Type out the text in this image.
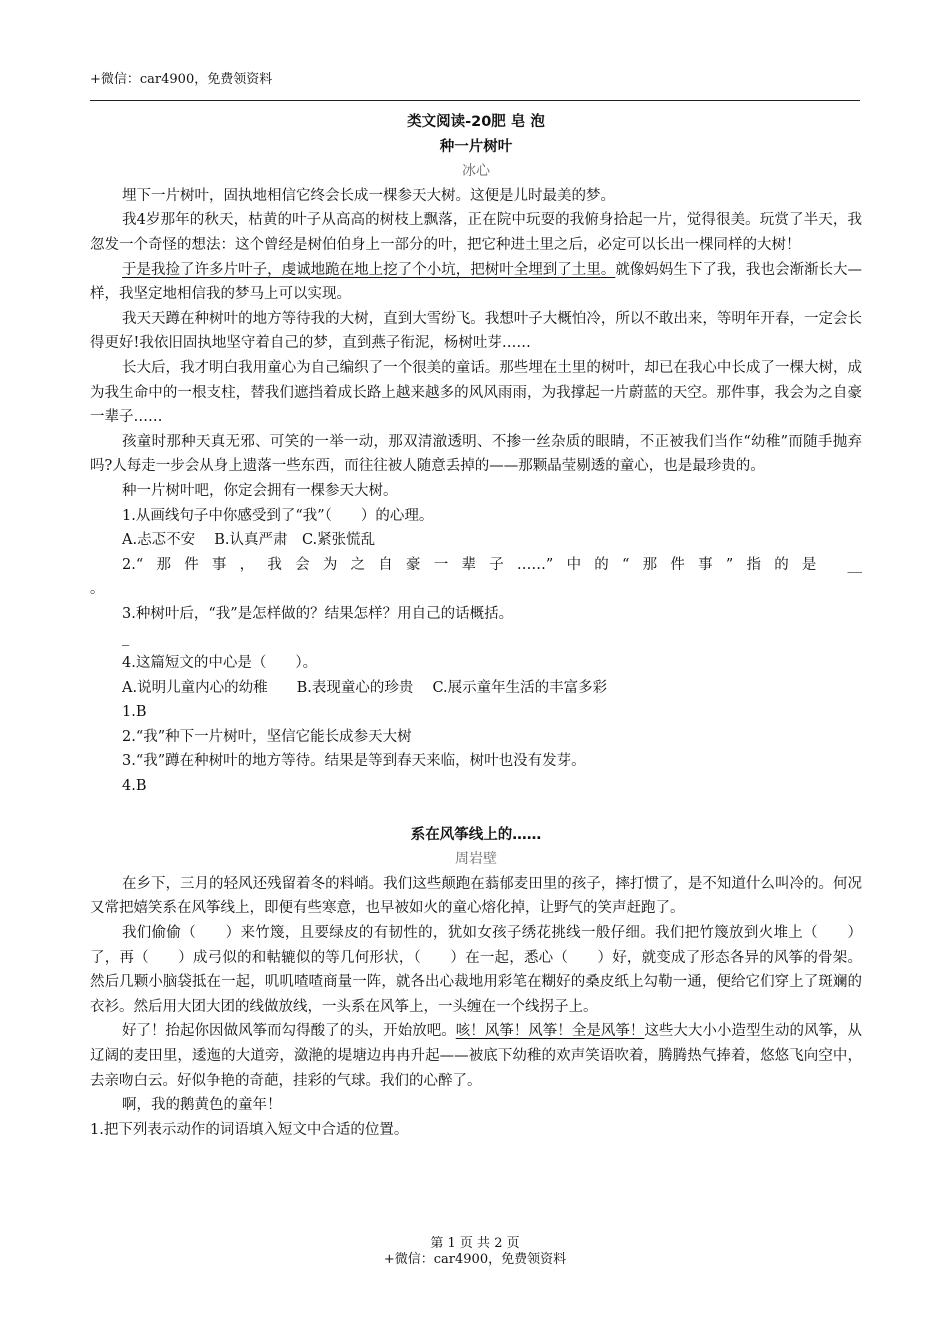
+微信：car4900，免费领资料
类文阅读-20肥 皂 泡
种一片树叶
冰心

埋下一片树叶，固执地相信它终会长成一棵参天大树。这便是儿时最美的梦。

我4岁那年的秋天，枯黄的叶子从高高的树枝上飘落，正在院中玩耍的我俯身拾起一片，觉得很美。玩赏了半天，我忽发一个奇怪的想法：这个曾经是树伯伯身上一部分的叶，把它种进土里之后，必定可以长出一棵同样的大树！

于是我捡了许多片叶子，虔诚地跪在地上挖了个小坑，把树叶全埋到了土里。就像妈妈生下了我，我也会渐渐长大—样，我坚定地相信我的梦马上可以实现。

我天天蹲在种树叶的地方等待我的大树，直到大雪纷飞。我想叶子大概怕冷，所以不敢出来，等明年开春，一定会长得更好!我依旧固执地坚守着自己的梦，直到燕子衔泥，杨树吐芽……

长大后，我才明白我用童心为自己编织了一个很美的童话。那些埋在土里的树叶，却已在我心中长成了一棵大树，成为我生命中的一根支柱，替我们遮挡着成长路上越来越多的风风雨雨，为我撑起一片蔚蓝的天空。那件事，我会为之自豪一辈子……

孩童时那种天真无邪、可笑的一举一动，那双清澈透明、不掺一丝杂质的眼睛，不正被我们当作“幼稚”而随手抛弃吗?人每走一步会从身上遗落一些东西，而往往被人随意丢掉的——那颗晶莹剔透的童心，也是最珍贵的。

种一片树叶吧，你定会拥有一棵参天大树。

1.从画线句子中你感受到了“我”（　　）的心理。

A.忐忑不安　 B.认真严肃　C.紧张慌乱

2.“那件事，我会为之自豪一辈子……”中的“那件事”指的是 __

。

3.种树叶后，“我”是怎样做的？结果怎样？用自己的话概括。

_

4.这篇短文的中心是（　　）。

A.说明儿童内心的幼稚　　B.表现童心的珍贵　 C.展示童年生活的丰富多彩

1.B

2.“我”种下一片树叶，坚信它能长成参天大树

3.“我”蹲在种树叶的地方等待。结果是等到春天来临，树叶也没有发芽。

4.B

系在风筝线上的……
周岩壁

在乡下，三月的轻风还残留着冬的料峭。我们这些颠跑在蓊郁麦田里的孩子，摔打惯了，是不知道什么叫冷的。何况又常把嬉笑系在风筝线上，即便有些寒意，也早被如火的童心熔化掉，让野气的笑声赶跑了。

我们偷偷（　　）来竹篾，且要绿皮的有韧性的，犹如女孩子绣花挑线一般仔细。我们把竹篾放到火堆上（　　）了，再（　　）成弓似的和軲辘似的等几何形状，（　　）在一起，悉心（　　）好，就变成了形态各异的风筝的骨架。然后几颗小脑袋抵在一起，叽叽喳喳商量一阵，就各出心裁地用彩笔在糊好的桑皮纸上勾勒一通，便给它们穿上了斑斓的衣衫。然后用大团大团的线做放线，一头系在风筝上，一头缠在一个线拐子上。

好了！抬起你因做风筝而勾得酸了的头，开始放吧。咳！风筝！风筝！全是风筝！这些大大小小造型生动的风筝，从辽阔的麦田里，逶迤的大道旁，潋滟的堤塘边冉冉升起——被底下幼稚的欢声笑语吹着，腾腾热气捧着，悠悠飞向空中，去亲吻白云。好似争艳的奇葩，挂彩的气球。我们的心醉了。

啊，我的鹅黄色的童年！

1.把下列表示动作的词语填入短文中合适的位置。

第 1 页 共 2 页
+微信：car4900，免费领资料
